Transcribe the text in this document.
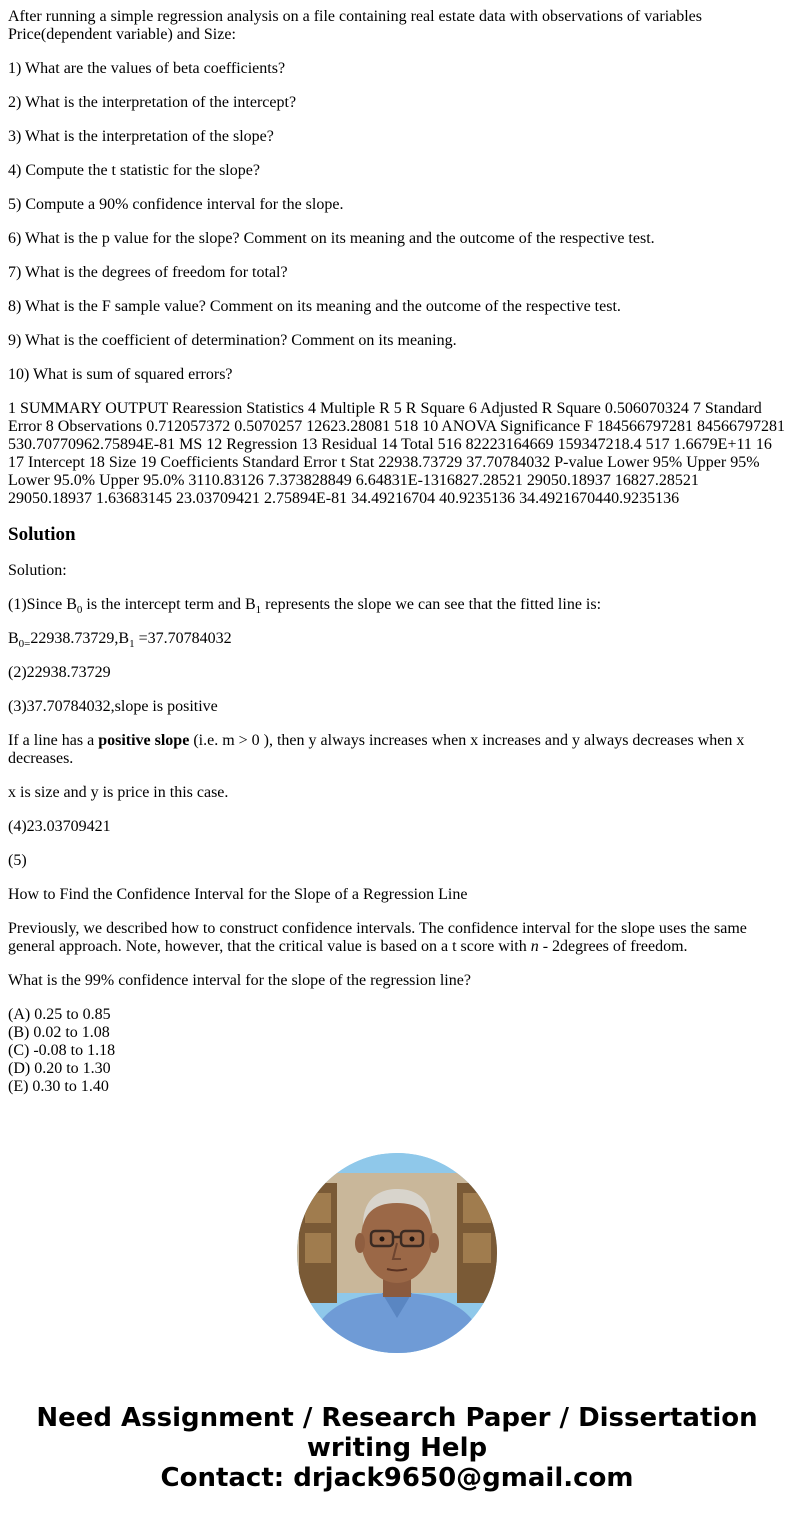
After running a simple regression analysis on a file containing real estate data with observations of variables Price(dependent variable) and Size:

1) What are the values of beta coefficients?

2) What is the interpretation of the intercept?

3) What is the interpretation of the slope?

4) Compute the t statistic for the slope?

5) Compute a 90% confidence interval for the slope.

6) What is the p value for the slope? Comment on its meaning and the outcome of the respective test.

7) What is the degrees of freedom for total?

8) What is the F sample value? Comment on its meaning and the outcome of the respective test.

9) What is the coefficient of determination? Comment on its meaning.

10) What is sum of squared errors?

1 SUMMARY OUTPUT Rearession Statistics 4 Multiple R 5 R Square 6 Adjusted R Square 0.506070324 7 Standard Error 8 Observations 0.712057372 0.5070257 12623.28081 518 10 ANOVA Significance F 184566797281 84566797281 530.70770962.75894E-81 MS 12 Regression 13 Residual 14 Total 516 82223164669 159347218.4 517 1.6679E+11 16 17 Intercept 18 Size 19 Coefficients Standard Error t Stat 22938.73729 37.70784032 P-value Lower 95% Upper 95% Lower 95.0% Upper 95.0% 3110.83126 7.373828849 6.64831E-1316827.28521 29050.18937 16827.28521 29050.18937 1.63683145 23.03709421 2.75894E-81 34.49216704 40.9235136 34.4921670440.9235136

Solution

Solution:

(1)Since $B_0$ is the intercept term and $B_1$ represents the slope we can see that the fitted line is:

$B_{0=}22938.73729,B_1 =37.70784032$

(2)22938.73729

(3)37.70784032,slope is positive

If a line has a positive slope (i.e. m > 0 ), then y always increases when x increases and y always decreases when x decreases.

x is size and y is price in this case.

(4)23.03709421

(5)

How to Find the Confidence Interval for the Slope of a Regression Line

Previously, we described how to construct confidence intervals. The confidence interval for the slope uses the same general approach. Note, however, that the critical value is based on a t score with n - 2degrees of freedom.

What is the 99% confidence interval for the slope of the regression line?

(A) 0.25 to 0.85

(B) 0.02 to 1.08

(C) -0.08 to 1.18

(D) 0.20 to 1.30

(E) 0.30 to 1.40

Need Assignment / Research Paper / Dissertation
writing Help
Contact: drjack9650@gmail.com
